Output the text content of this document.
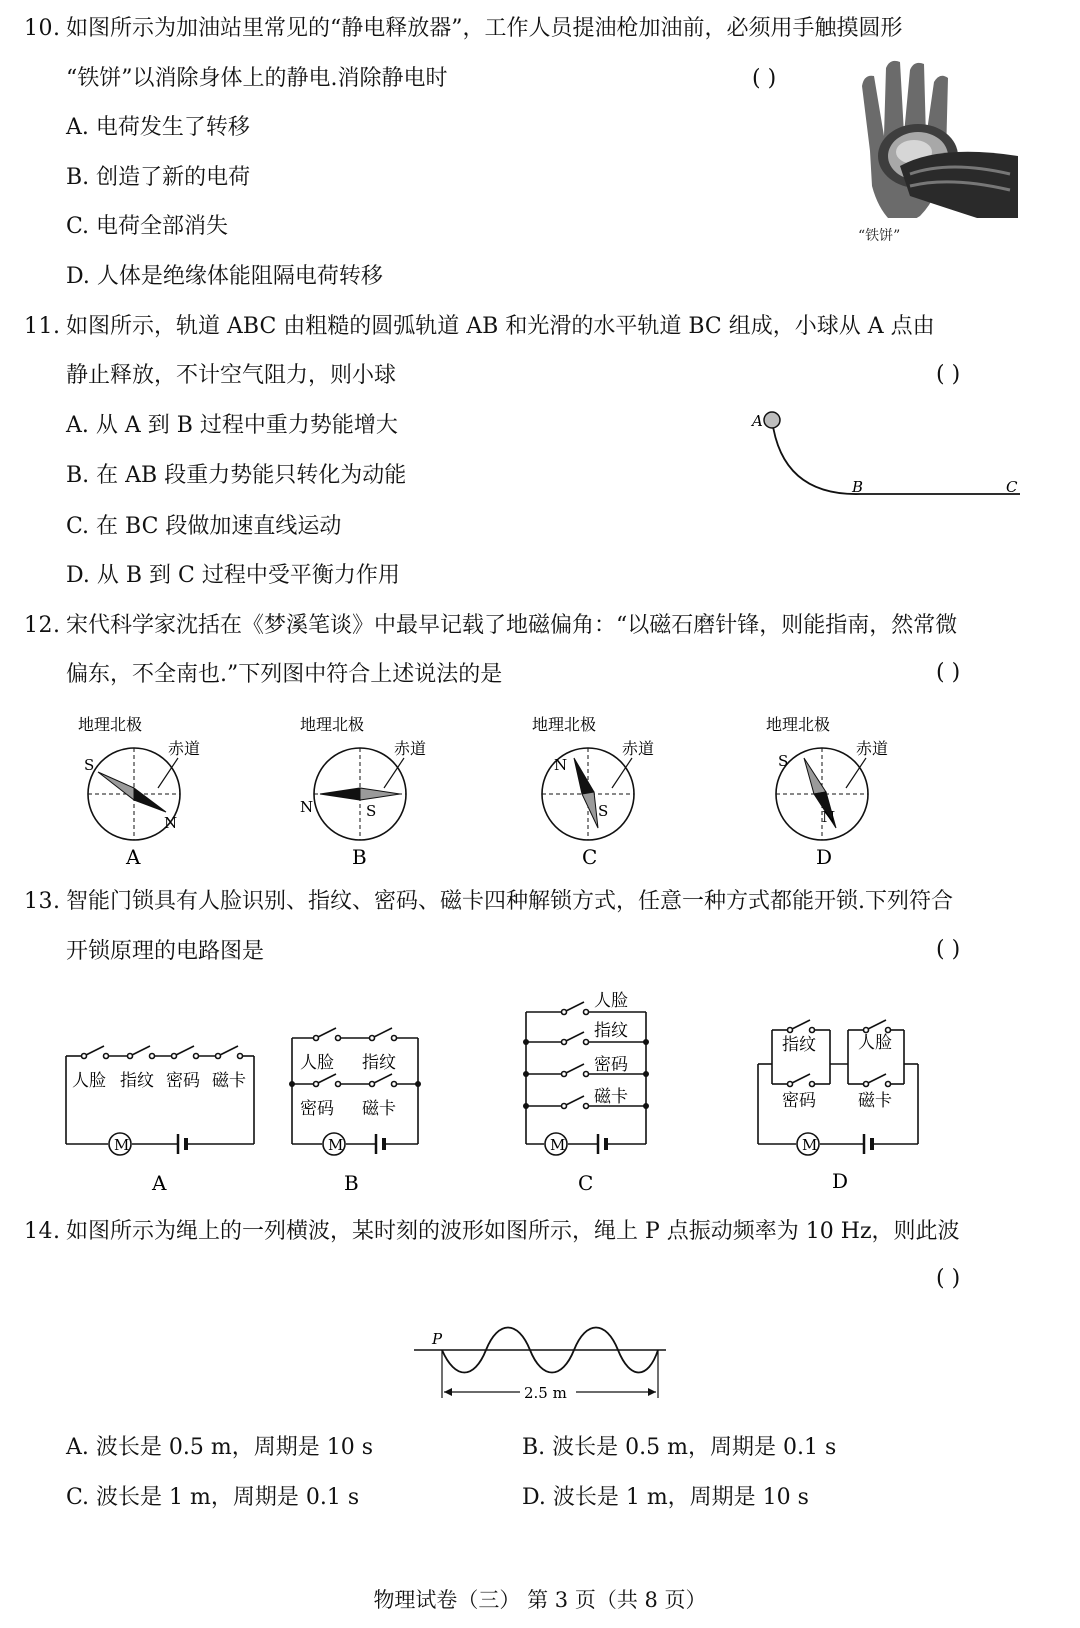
10. 如图所示为加油站里常见的“静电释放器”，工作人员提油枪加油前，必须用手触摸圆形
“铁饼”以消除身体上的静电.消除静电时	( )
A. 电荷发生了转移
B. 创造了新的电荷
C. 电荷全部消失
D. 人体是绝缘体能阻隔电荷转移
“铁饼”
11. 如图所示，轨道 ABC 由粗糙的圆弧轨道 AB 和光滑的水平轨道 BC 组成，小球从 A 点由
静止释放，不计空气阻力，则小球	( )
A. 从 A 到 B 过程中重力势能增大
B. 在 AB 段重力势能只转化为动能
C. 在 BC 段做加速直线运动
D. 从 B 到 C 过程中受平衡力作用
A
B	C
12. 宋代科学家沈括在《梦溪笔谈》中最早记载了地磁偏角：“以磁石磨针锋，则能指南，然常微
偏东，不全南也.”下列图中符合上述说法的是	( )
地理北极
赤道
S
N
A
地理北极
赤道
N	S
B
地理北极
赤道
N
S
C
地理北极
赤道
S
N
D
13. 智能门锁具有人脸识别、指纹、密码、磁卡四种解锁方式，任意一种方式都能开锁.下列符合
开锁原理的电路图是	( )
M
人脸 指纹 密码 磁卡
A
M
人脸 指纹
密码 磁卡
B
M
人脸
指纹
密码
磁卡
C
M
指纹 人脸
密码 磁卡
D
14. 如图所示为绳上的一列横波，某时刻的波形如图所示，绳上 P 点振动频率为 10 Hz，则此波
( )
P
2.5 m
A. 波长是 0.5 m，周期是 10 s	B. 波长是 0.5 m，周期是 0.1 s
C. 波长是 1 m，周期是 0.1 s	D. 波长是 1 m，周期是 10 s
物理试卷（三） 第 3 页（共 8 页）
